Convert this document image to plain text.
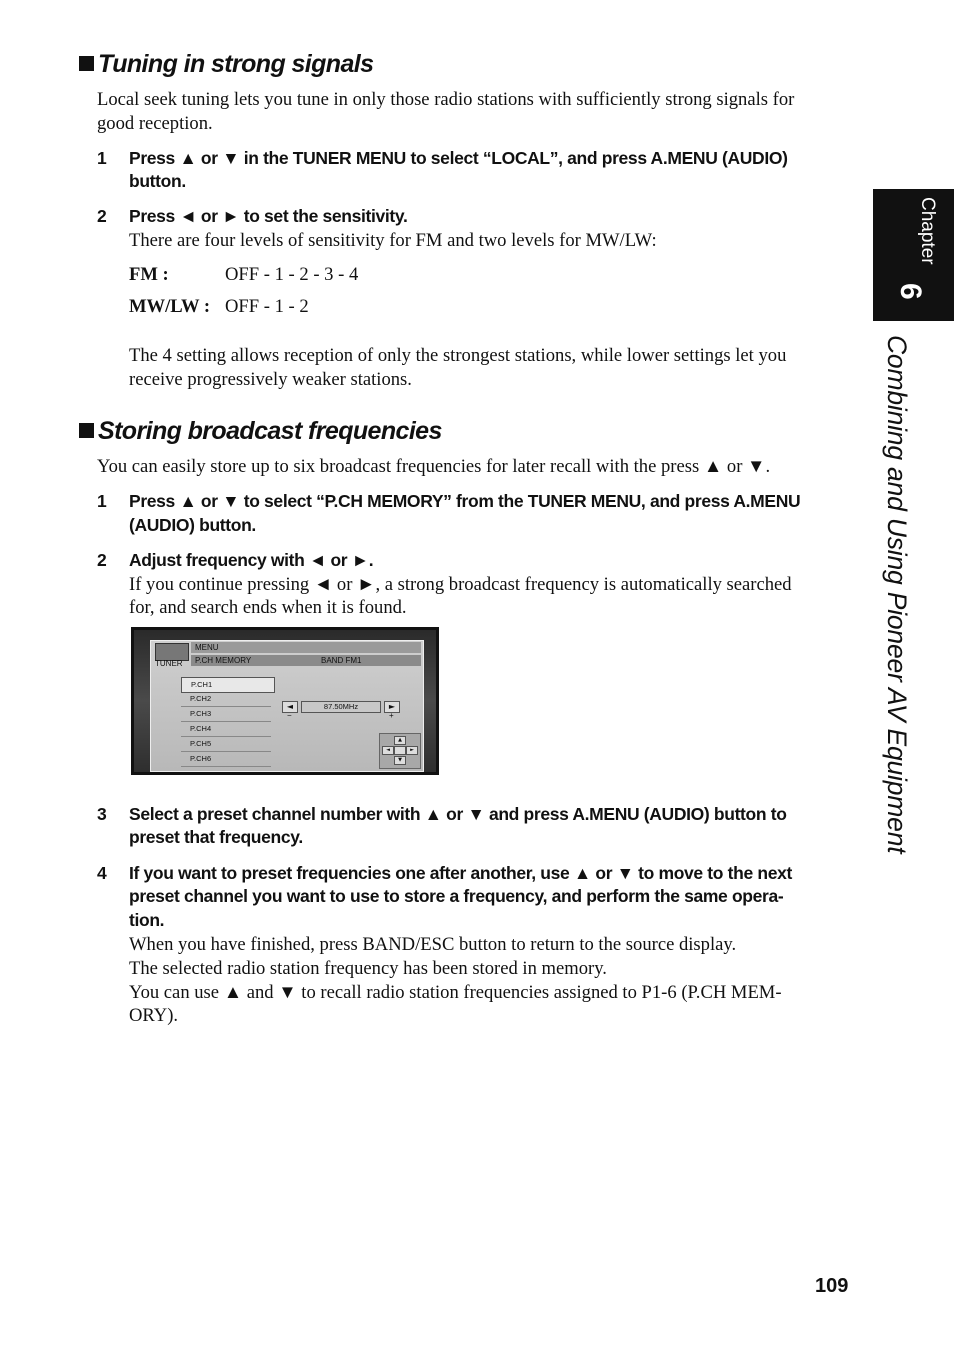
Chapter
6
Combining and Using Pioneer AV Equipment
Tuning in strong signals
Local seek tuning lets you tune in only those radio stations with sufficiently strong signals for
good reception.
1 Press ▲ or ▼ in the TUNER MENU to select “LOCAL”, and press A.MENU (AUDIO)
button.
2 Press ◄ or ► to set the sensitivity.
There are four levels of sensitivity for FM and two levels for MW/LW:
FM :	OFF - 1 - 2 - 3 - 4
MW/LW : OFF - 1 - 2
The 4 setting allows reception of only the strongest stations, while lower settings let you
receive progressively weaker stations.
Storing broadcast frequencies
You can easily store up to six broadcast frequencies for later recall with the press ▲ or ▼.
1 Press ▲ or ▼ to select “P.CH MEMORY” from the TUNER MENU, and press A.MENU
(AUDIO) button.
2 Adjust frequency with ◄ or ►.
If you continue pressing ◄ or ►, a strong broadcast frequency is automatically searched
for, and search ends when it is found.
MENU
TUNER P.CH MEMORY	BAND FM1
P.CH1
P.CH2
P.CH3
P.CH4
P.CH5
P.CH6
◄
−
87.50MHz	►
+
▲
◄	►
▼
3 Select a preset channel number with ▲ or ▼ and press A.MENU (AUDIO) button to
preset that frequency.
4 If you want to preset frequencies one after another, use ▲ or ▼ to move to the next
preset channel you want to use to store a frequency, and perform the same opera-
tion.
When you have finished, press BAND/ESC button to return to the source display.
The selected radio station frequency has been stored in memory.
You can use ▲ and ▼ to recall radio station frequencies assigned to P1-6 (P.CH MEM-
ORY).
109
